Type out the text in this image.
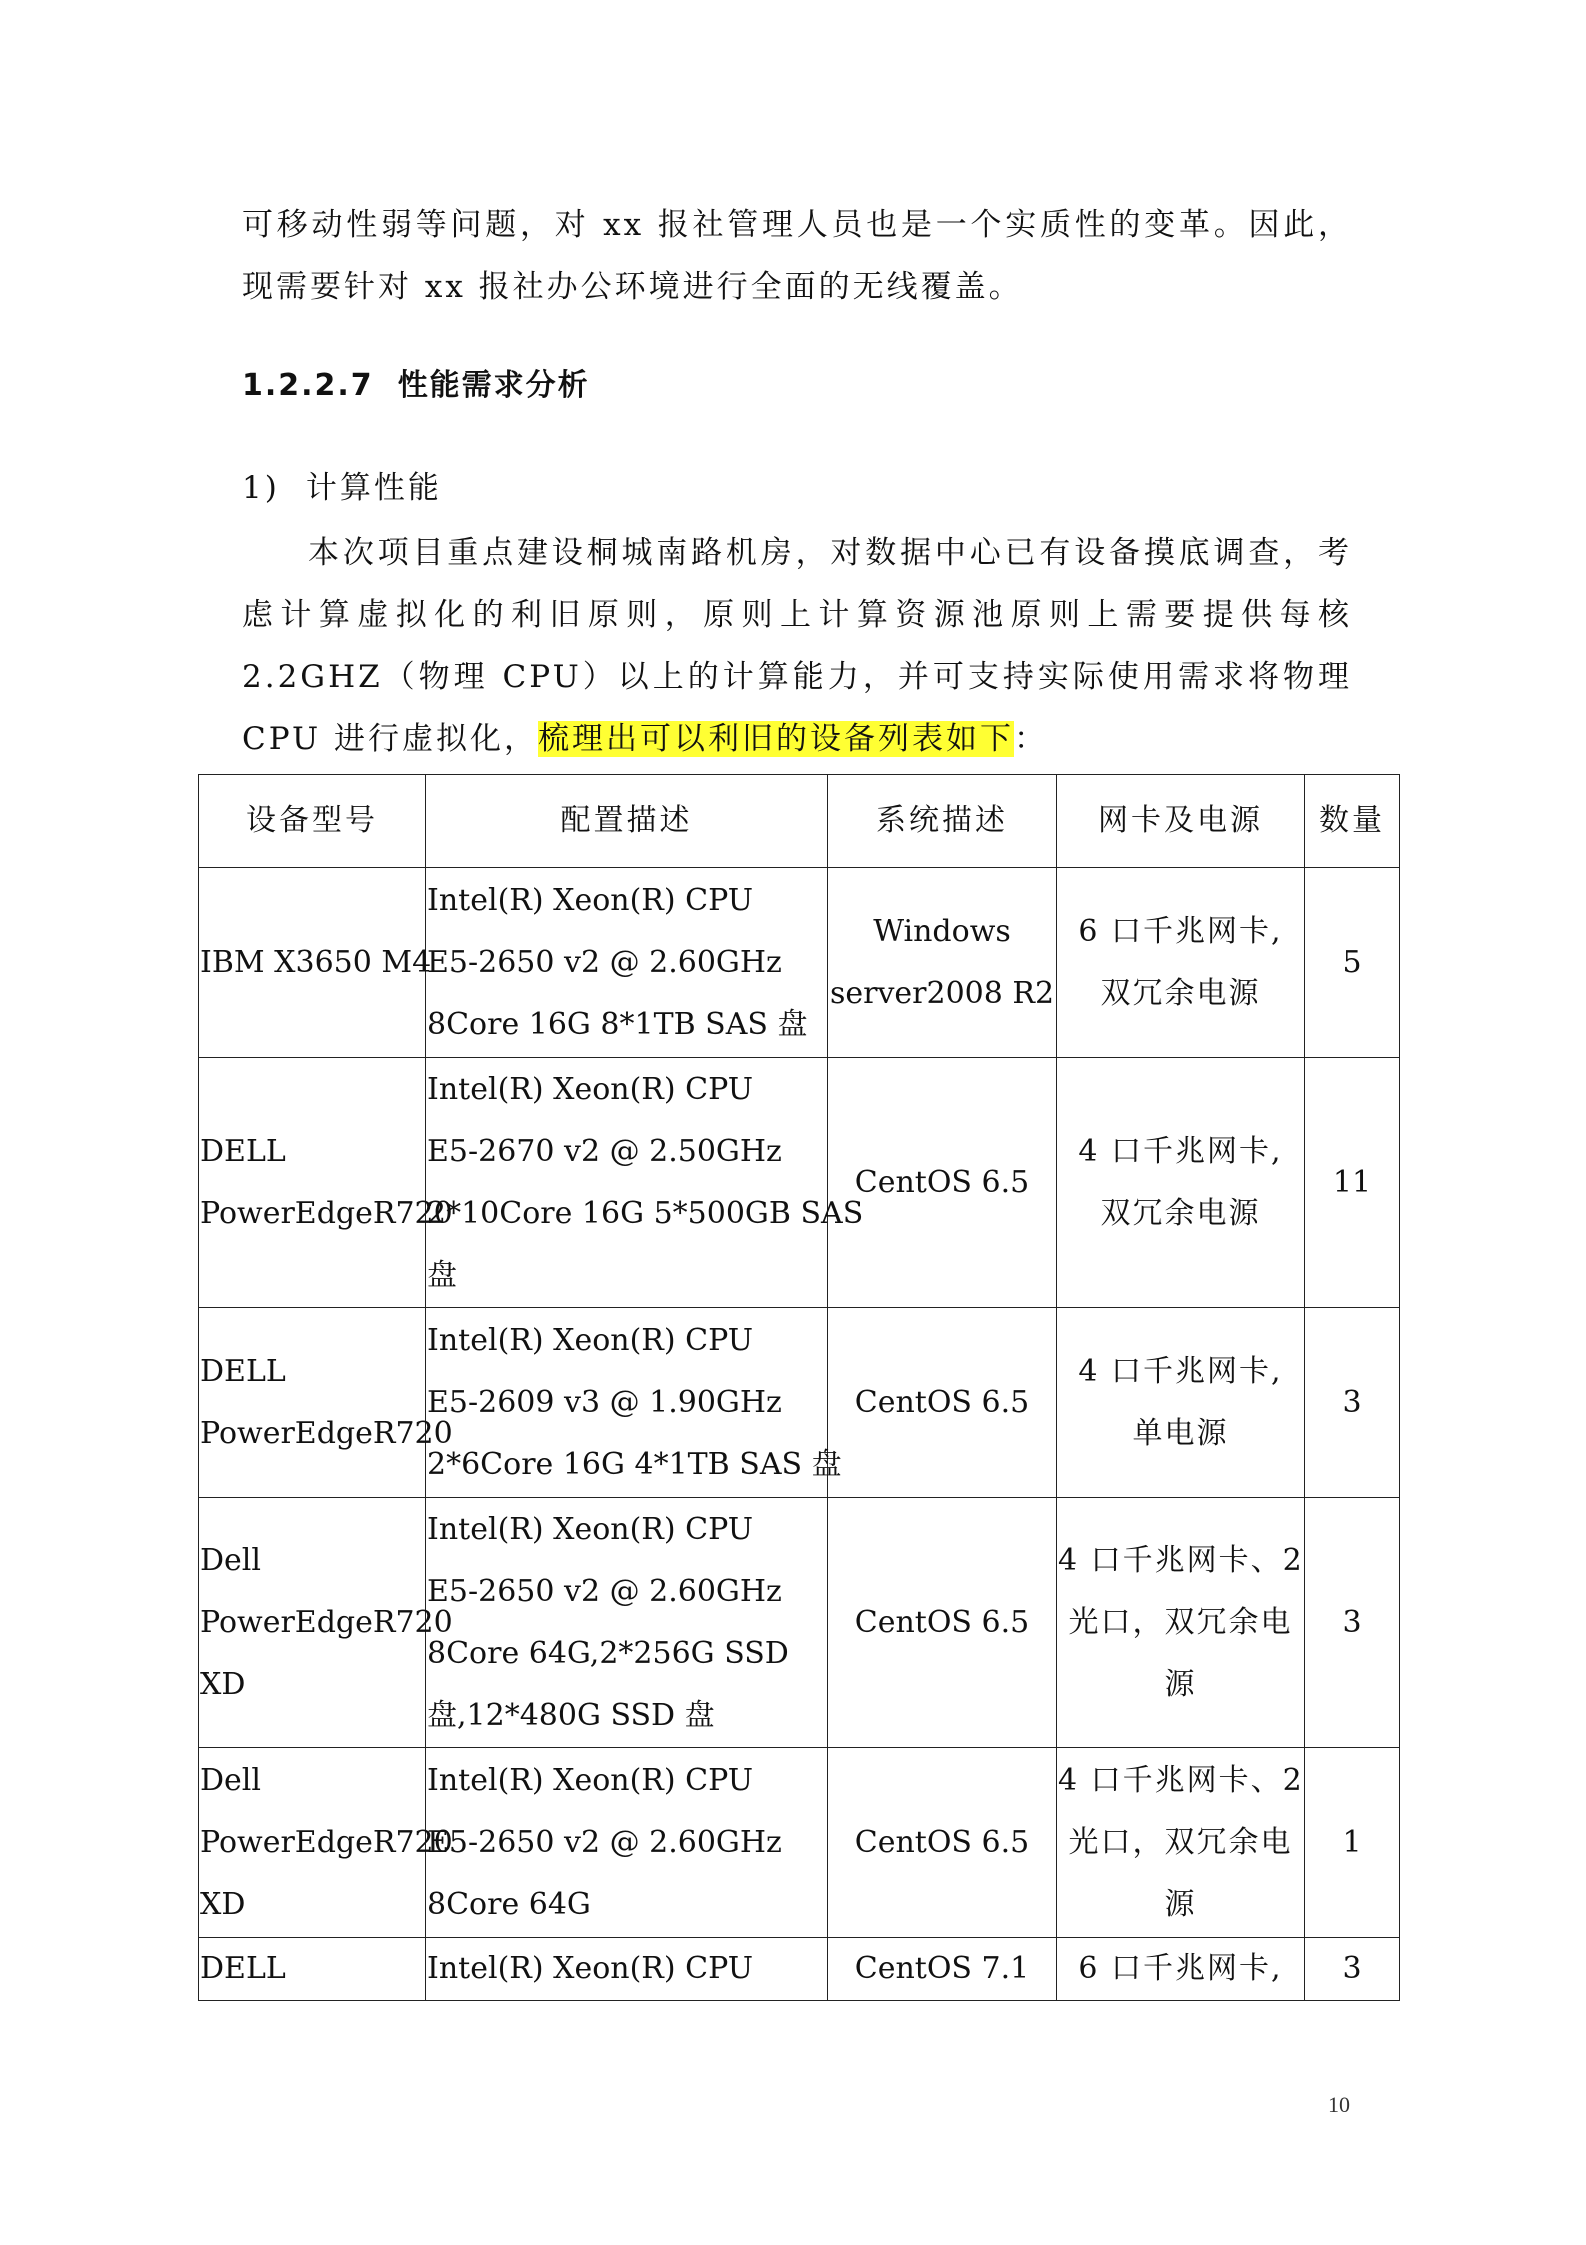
可移动性弱等问题，对 xx 报社管理人员也是一个实质性的变革。因此，现需要针对 xx 报社办公环境进行全面的无线覆盖。

1.2.2.7 性能需求分析

1) 计算性能

本次项目重点建设桐城南路机房，对数据中心已有设备摸底调查，考虑计算虚拟化的利旧原则，原则上计算资源池原则上需要提供每核 2.2GHZ（物理 CPU）以上的计算能力，并可支持实际使用需求将物理 CPU 进行虚拟化，梳理出可以利旧的设备列表如下：

设备型号	配置描述	系统描述	网卡及电源	数量

IBM X3650 M4	Intel(R) Xeon(R) CPU
E5-2650 v2 @ 2.60GHz
8Core 16G 8*1TB SAS 盘	Windows
server2008 R2	6 口千兆网卡,
双冗余电源	5

DELL
PowerEdgeR720	Intel(R) Xeon(R) CPU
E5-2670 v2 @ 2.50GHz
2*10Core 16G 5*500GB SAS
盘	CentOS 6.5	4 口千兆网卡,
双冗余电源	11

DELL
PowerEdgeR720	Intel(R) Xeon(R) CPU
E5-2609 v3 @ 1.90GHz
2*6Core 16G 4*1TB SAS 盘	CentOS 6.5	4 口千兆网卡,
单电源	3

Dell
PowerEdgeR720
XD	Intel(R) Xeon(R) CPU
E5-2650 v2 @ 2.60GHz
8Core 64G,2*256G SSD
盘,12*480G SSD 盘	CentOS 6.5	4 口千兆网卡、2
光口，双冗余电
源	3

Dell
PowerEdgeR720
XD	Intel(R) Xeon(R) CPU
E5-2650 v2 @ 2.60GHz
8Core 64G	CentOS 6.5	4 口千兆网卡、2
光口，双冗余电
源	1

DELL	Intel(R) Xeon(R) CPU	CentOS 7.1	6 口千兆网卡,	3
10
